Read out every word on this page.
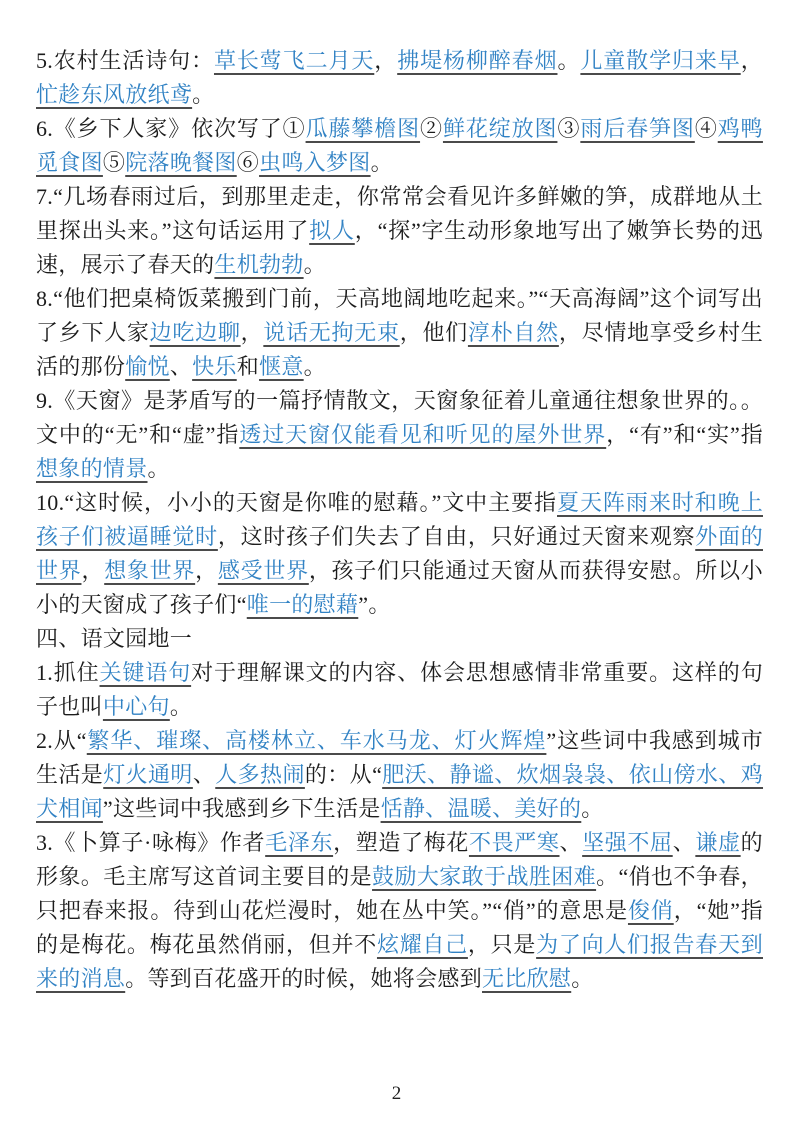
5.农村生活诗句：草长莺飞二月天，拂堤杨柳醉春烟。儿童散学归来早，忙趁东风放纸鸢。

6.《乡下人家》依次写了①瓜藤攀檐图②鲜花绽放图③雨后春笋图④鸡鸭觅食图⑤院落晚餐图⑥虫鸣入梦图。

7.“几场春雨过后，到那里走走，你常常会看见许多鲜嫩的笋，成群地从土里探出头来。”这句话运用了拟人，“探”字生动形象地写出了嫩笋长势的迅速，展示了春天的生机勃勃。

8.“他们把桌椅饭菜搬到门前，天高地阔地吃起来。”“天高海阔”这个词写出了乡下人家边吃边聊，说话无拘无束，他们淳朴自然，尽情地享受乡村生活的那份愉悦、快乐和惬意。

9.《天窗》是茅盾写的一篇抒情散文，天窗象征着儿童通往想象世界的。。文中的“无”和“虚”指透过天窗仅能看见和听见的屋外世界，“有”和“实”指想象的情景。

10.“这时候，小小的天窗是你唯的慰藉。”文中主要指夏天阵雨来时和晚上孩子们被逼睡觉时，这时孩子们失去了自由，只好通过天窗来观察外面的世界，想象世界，感受世界，孩子们只能通过天窗从而获得安慰。所以小小的天窗成了孩子们“唯一的慰藉”。

四、语文园地一

1.抓住关键语句对于理解课文的内容、体会思想感情非常重要。这样的句子也叫中心句。

2.从“繁华、璀璨、高楼林立、车水马龙、灯火辉煌”这些词中我感到城市生活是灯火通明、人多热闹的：从“肥沃、静谧、炊烟袅袅、依山傍水、鸡犬相闻”这些词中我感到乡下生活是恬静、温暖、美好的。

3.《卜算子·咏梅》作者毛泽东，塑造了梅花不畏严寒、坚强不屈、谦虚的形象。毛主席写这首词主要目的是鼓励大家敢于战胜困难。“俏也不争春，只把春来报。待到山花烂漫时，她在丛中笑。”“俏”的意思是俊俏，“她”指的是梅花。梅花虽然俏丽，但并不炫耀自己，只是为了向人们报告春天到来的消息。等到百花盛开的时候，她将会感到无比欣慰。

2
